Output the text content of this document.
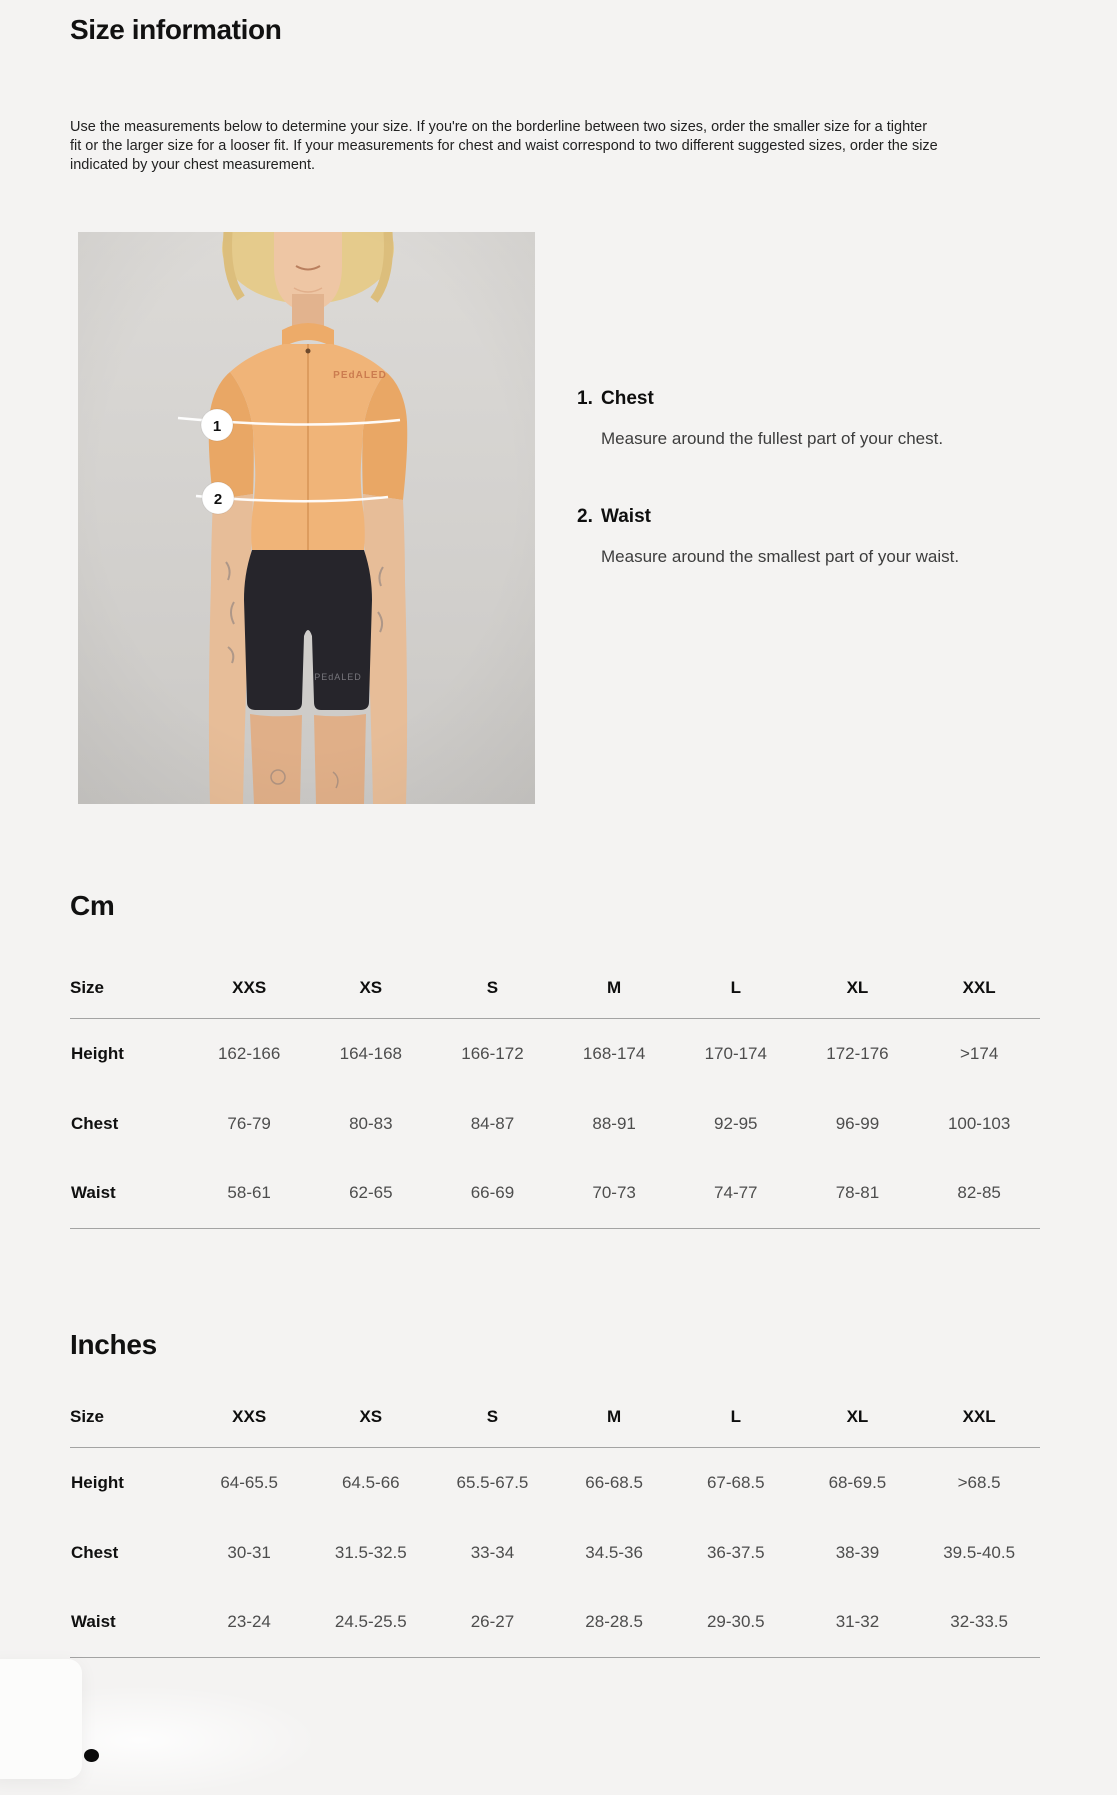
Size information

Use the measurements below to determine your size. If you're on the borderline between two sizes, order the smaller size for a tighter fit or the larger size for a looser fit. If your measurements for chest and waist correspond to two different suggested sizes, order the size indicated by your chest measurement.

1
2
1. Chest

Measure around the fullest part of your chest.

2. Waist

Measure around the smallest part of your waist.

Cm
Size	XXS	XS	S	M	L	XL	XXL
Height	162-166	164-168	166-172	168-174	170-174	172-176	>174
Chest	76-79	80-83	84-87	88-91	92-95	96-99	100-103
Waist	58-61	62-65	66-69	70-73	74-77	78-81	82-85
Inches
Size	XXS	XS	S	M	L	XL	XXL
Height	64-65.5	64.5-66	65.5-67.5	66-68.5	67-68.5	68-69.5	>68.5
Chest	30-31	31.5-32.5	33-34	34.5-36	36-37.5	38-39	39.5-40.5
Waist	23-24	24.5-25.5	26-27	28-28.5	29-30.5	31-32	32-33.5
